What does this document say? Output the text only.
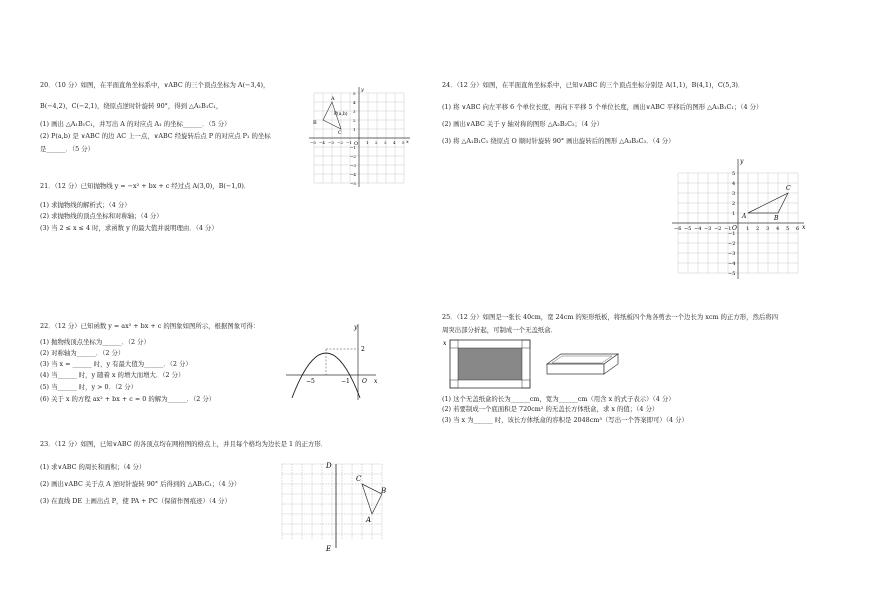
20．（10 分）如图，在平面直角坐标系中，∨ABC 的三个顶点坐标为 A(−3,4)，
B(−4,2)，C(−2,1)，绕原点逆时针旋转 90°，得到 △A₁B₁C₁，
(1) 画出 △A₁B₁C₁，并写出 A 的对应点 A₁ 的坐标______．（5 分）
(2) P(a,b) 是 ∨ABC 的边 AC 上一点，∨ABC 经旋转后点 P 的对应点 P₁ 的坐标
是______．（5 分）
y
x
O
A
B
C
P(a,b)
−5 −4 −3 −2 −1	1 2 3 4 5
5
4
3
2
1
−1
−2
−3
−4
−5
21．（12 分）已知抛物线 y = −x² + bx + c 经过点 A(3,0)，B(−1,0)．
(1) 求抛物线的解析式；（4 分）
(2) 求抛物线的顶点坐标和对称轴；（4 分）
(3) 当 2 ≤ x ≤ 4 时，求函数 y 的最大值并说明理由．（4 分）
22．（12 分）已知函数 y = ax² + bx + c 的图象如图所示，根据图象可得：
(1) 抛物线顶点坐标为______．（2 分）
(2) 对称轴为______．（2 分）
(3) 当 x = ______ 时，y 有最大值为______．（2 分）
(4) 当______ 时，y 随着 x 的增大而增大．（2 分）
(5) 当______ 时，y > 0．（2 分）
(6) 关于 x 的方程 ax² + bx + c = 0 的解为______．（2 分）
y
x
O
−5	−1
2
23．（12 分）如图，已知∨ABC 的各顶点均在网格图的格点上，并且每个格均为边长是 1 的正方形．
(1) 求∨ABC 的周长和面积；（4 分）
(2) 画出∨ABC 关于点 A 逆时针旋转 90° 后得到的 △AB₁C₁；（4 分）
(3) 在直线 DE 上画出点 P，使 PA + PC（保留作图痕迹）（4 分）
D
E
C
B
A
24．（12 分）如图，在平面直角坐标系中，已知∨ABC 的三个顶点坐标分别是 A(1,1)，B(4,1)，C(5,3)．
(1) 将 ∨ABC 向左平移 6 个单位长度，再向下平移 5 个单位长度，画出∨ABC 平移后的图形 △A₁B₁C₁；（4 分）
(2) 画出∨ABC 关于 y 轴对称的图形 △A₂B₂C₂；（4 分）
(3) 将 △A₁B₁C₁ 绕原点 O 顺时针旋转 90° 画出旋转后的图形 △A₃B₃C₃．（4 分）
y
x
O
A	B
C
−6 −5 −4 −3 −2 −1	1 2 3 4 5 6
5
4
3
2
1
−1
−2
−3
−4
−5
25．（12 分）如图是一张长 40cm，宽 24cm 的矩形纸板，将纸板四个角各剪去一个边长为 xcm 的正方形，然后将四
周突出部分折起，可制成一个无盖纸盒．
(1) 这个无盖纸盒的长为______cm，宽为______cm（用含 x 的式子表示）（4 分）
(2) 若要制成一个底面积是 720cm² 的无盖长方体纸盒，求 x 的值；（4 分）
(3) 当 x 为______ 时，该长方体纸盒的容积是 2048cm³（写出一个答案即可）（4 分）
x
